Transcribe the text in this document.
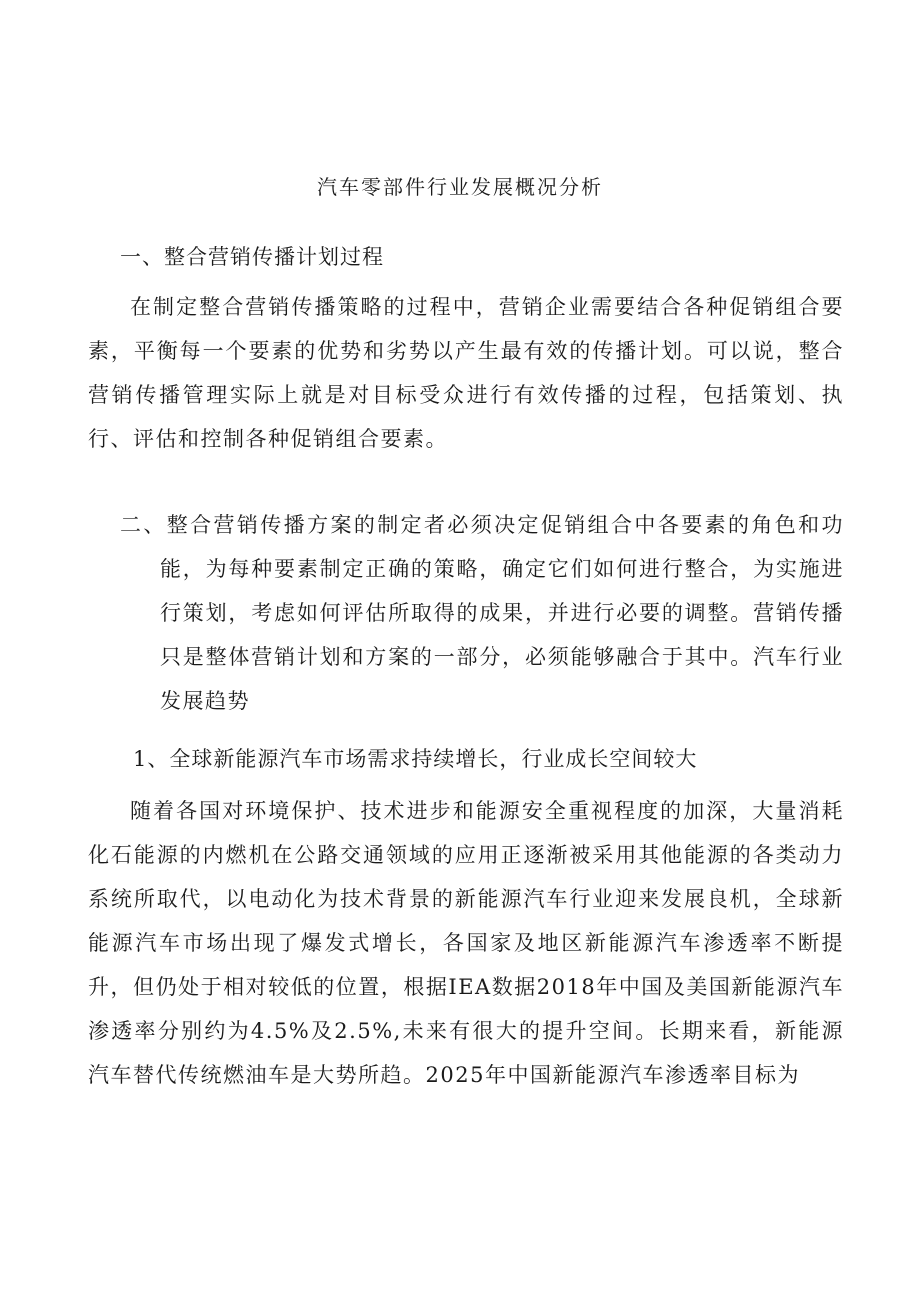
汽车零部件行业发展概况分析
一、整合营销传播计划过程
在制定整合营销传播策略的过程中，营销企业需要结合各种促销组合要素，平衡每一个要素的优势和劣势以产生最有效的传播计划。可以说，整合营销传播管理实际上就是对目标受众进行有效传播的过程，包括策划、执行、评估和控制各种促销组合要素。
二、整合营销传播方案的制定者必须决定促销组合中各要素的角色和功能，为每种要素制定正确的策略，确定它们如何进行整合，为实施进行策划，考虑如何评估所取得的成果，并进行必要的调整。营销传播只是整体营销计划和方案的一部分，必须能够融合于其中。汽车行业发展趋势
1、全球新能源汽车市场需求持续增长，行业成长空间较大
随着各国对环境保护、技术进步和能源安全重视程度的加深，大量消耗化石能源的内燃机在公路交通领域的应用正逐渐被采用其他能源的各类动力系统所取代，以电动化为技术背景的新能源汽车行业迎来发展良机，全球新能源汽车市场出现了爆发式增长，各国家及地区新能源汽车渗透率不断提升，但仍处于相对较低的位置，根据IEA数据2018年中国及美国新能源汽车渗透率分别约为4.5%及2.5%,未来有很大的提升空间。长期来看，新能源汽车替代传统燃油车是大势所趋。2025年中国新能源汽车渗透率目标为
